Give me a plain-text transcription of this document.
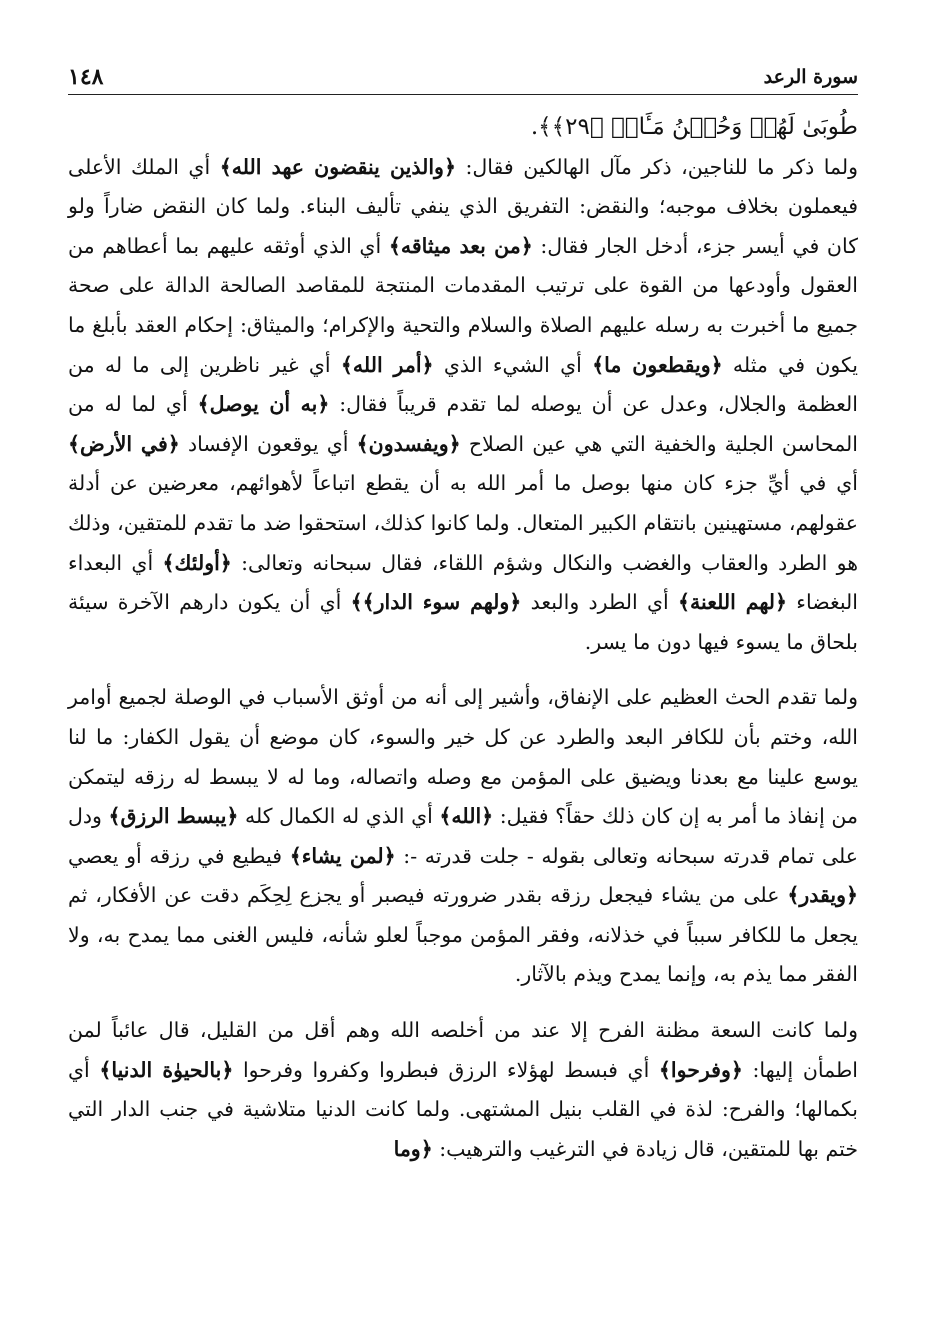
١٤٨	سورة الرعد

طُوبَىٰ لَهُمۡ وَحُسۡنُ مَـَٔابٖ ﴿٢٩﴾﴾.

ولما ذكر ما للناجين، ذكر مآل الهالكين فقال: ﴿والذين ينقضون عهد الله﴾ أي الملك الأعلى فيعملون بخلاف موجبه؛ والنقض: التفريق الذي ينفي تأليف البناء. ولما كان النقض ضاراً ولو كان في أيسر جزء، أدخل الجار فقال: ﴿من بعد ميثاقه﴾ أي الذي أوثقه عليهم بما أعطاهم من العقول وأودعها من القوة على ترتيب المقدمات المنتجة للمقاصد الصالحة الدالة على صحة جميع ما أخبرت به رسله عليهم الصلاة والسلام والتحية والإكرام؛ والميثاق: إحكام العقد بأبلغ ما يكون في مثله ﴿ويقطعون ما﴾ أي الشيء الذي ﴿أمر الله﴾ أي غير ناظرين إلى ما له من العظمة والجلال، وعدل عن أن يوصله لما تقدم قريباً فقال: ﴿به أن يوصل﴾ أي لما له من المحاسن الجلية والخفية التي هي عين الصلاح ﴿ويفسدون﴾ أي يوقعون الإفساد ﴿في الأرض﴾ أي في أيِّ جزء كان منها بوصل ما أمر الله به أن يقطع اتباعاً لأهوائهم، معرضين عن أدلة عقولهم، مستهينين بانتقام الكبير المتعال. ولما كانوا كذلك، استحقوا ضد ما تقدم للمتقين، وذلك هو الطرد والعقاب والغضب والنكال وشؤم اللقاء، فقال سبحانه وتعالى: ﴿أولئك﴾ أي البعداء البغضاء ﴿لهم اللعنة﴾ أي الطرد والبعد ﴿ولهم سوء الدار﴾﴾ أي أن يكون دارهم الآخرة سيئة بلحاق ما يسوء فيها دون ما يسر.

ولما تقدم الحث العظيم على الإنفاق، وأشير إلى أنه من أوثق الأسباب في الوصلة لجميع أوامر الله، وختم بأن للكافر البعد والطرد عن كل خير والسوء، كان موضع أن يقول الكفار: ما لنا يوسع علينا مع بعدنا ويضيق على المؤمن مع وصله واتصاله، وما له لا يبسط له رزقه ليتمكن من إنفاذ ما أمر به إن كان ذلك حقاً؟ فقيل: ﴿الله﴾ أي الذي له الكمال كله ﴿يبسط الرزق﴾ ودل على تمام قدرته سبحانه وتعالى بقوله - جلت قدرته -: ﴿لمن يشاء﴾ فيطيع في رزقه أو يعصي ﴿ويقدر﴾ على من يشاء فيجعل رزقه بقدر ضرورته فيصبر أو يجزع لِحِكَم دقت عن الأفكار، ثم يجعل ما للكافر سبباً في خذلانه، وفقر المؤمن موجباً لعلو شأنه، فليس الغنى مما يمدح به، ولا الفقر مما يذم به، وإنما يمدح ويذم بالآثار.

ولما كانت السعة مظنة الفرح إلا عند من أخلصه الله وهم أقل من القليل، قال عائباً لمن اطمأن إليها: ﴿وفرحوا﴾ أي فبسط لهؤلاء الرزق فبطروا وكفروا وفرحوا ﴿بالحيوٰة الدنيا﴾ أي بكمالها؛ والفرح: لذة في القلب بنيل المشتهى. ولما كانت الدنيا متلاشية في جنب الدار التي ختم بها للمتقين، قال زيادة في الترغيب والترهيب: ﴿وما
